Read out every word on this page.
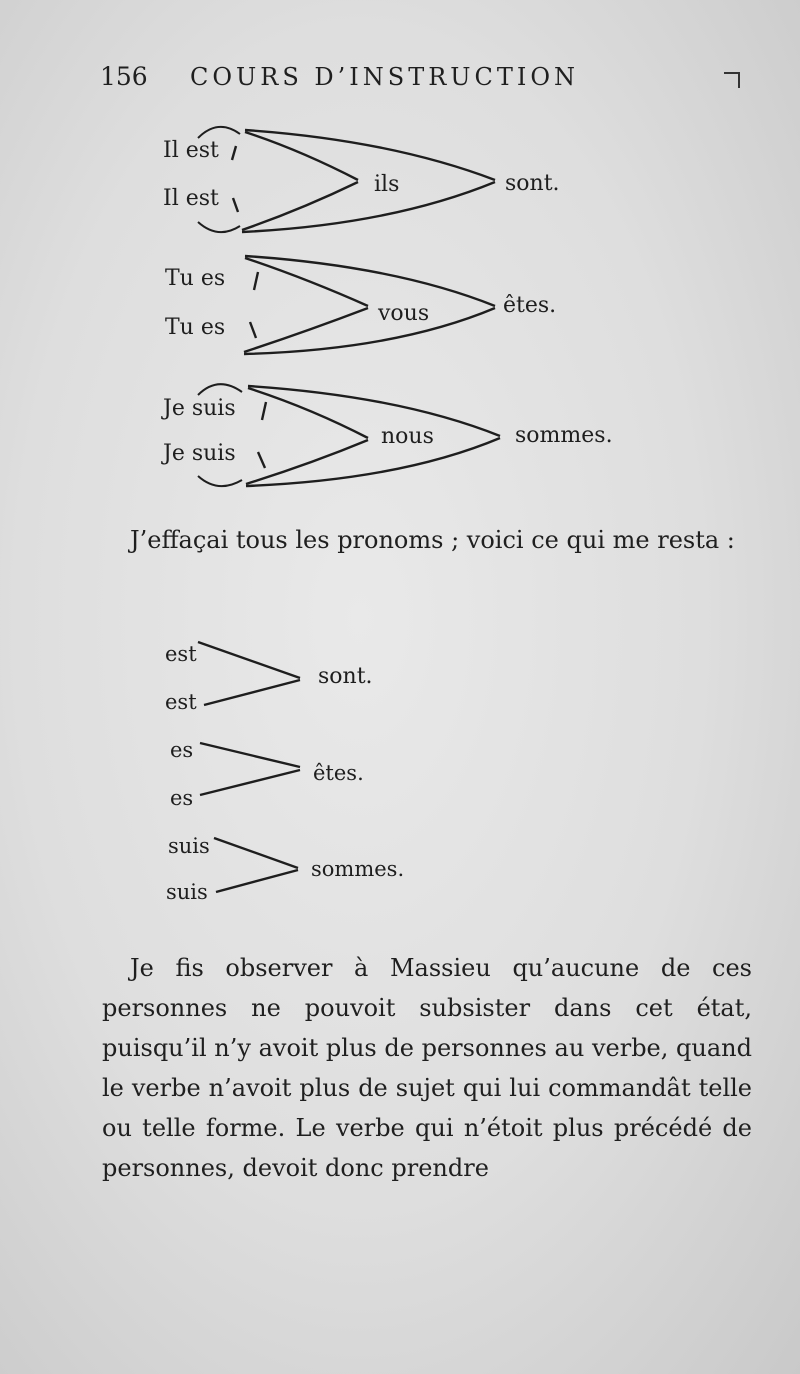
156 COURS D’INSTRUCTION
Il est
Il est
ils	sont.
Tu es
Tu es
vous	êtes.
Je suis
Je suis
nous	sommes.
est
est
sont.
es
es
êtes.
suis
suis
sommes.
J’effaçai tous les pronoms ; voici ce qui me resta :
Je fis observer à Massieu qu’aucune de ces personnes ne pouvoit subsister dans cet état, puisqu’il n’y avoit plus de personnes au verbe, quand le verbe n’avoit plus de sujet qui lui commandât telle ou telle forme. Le verbe qui n’étoit plus précédé de personnes, devoit donc prendre
